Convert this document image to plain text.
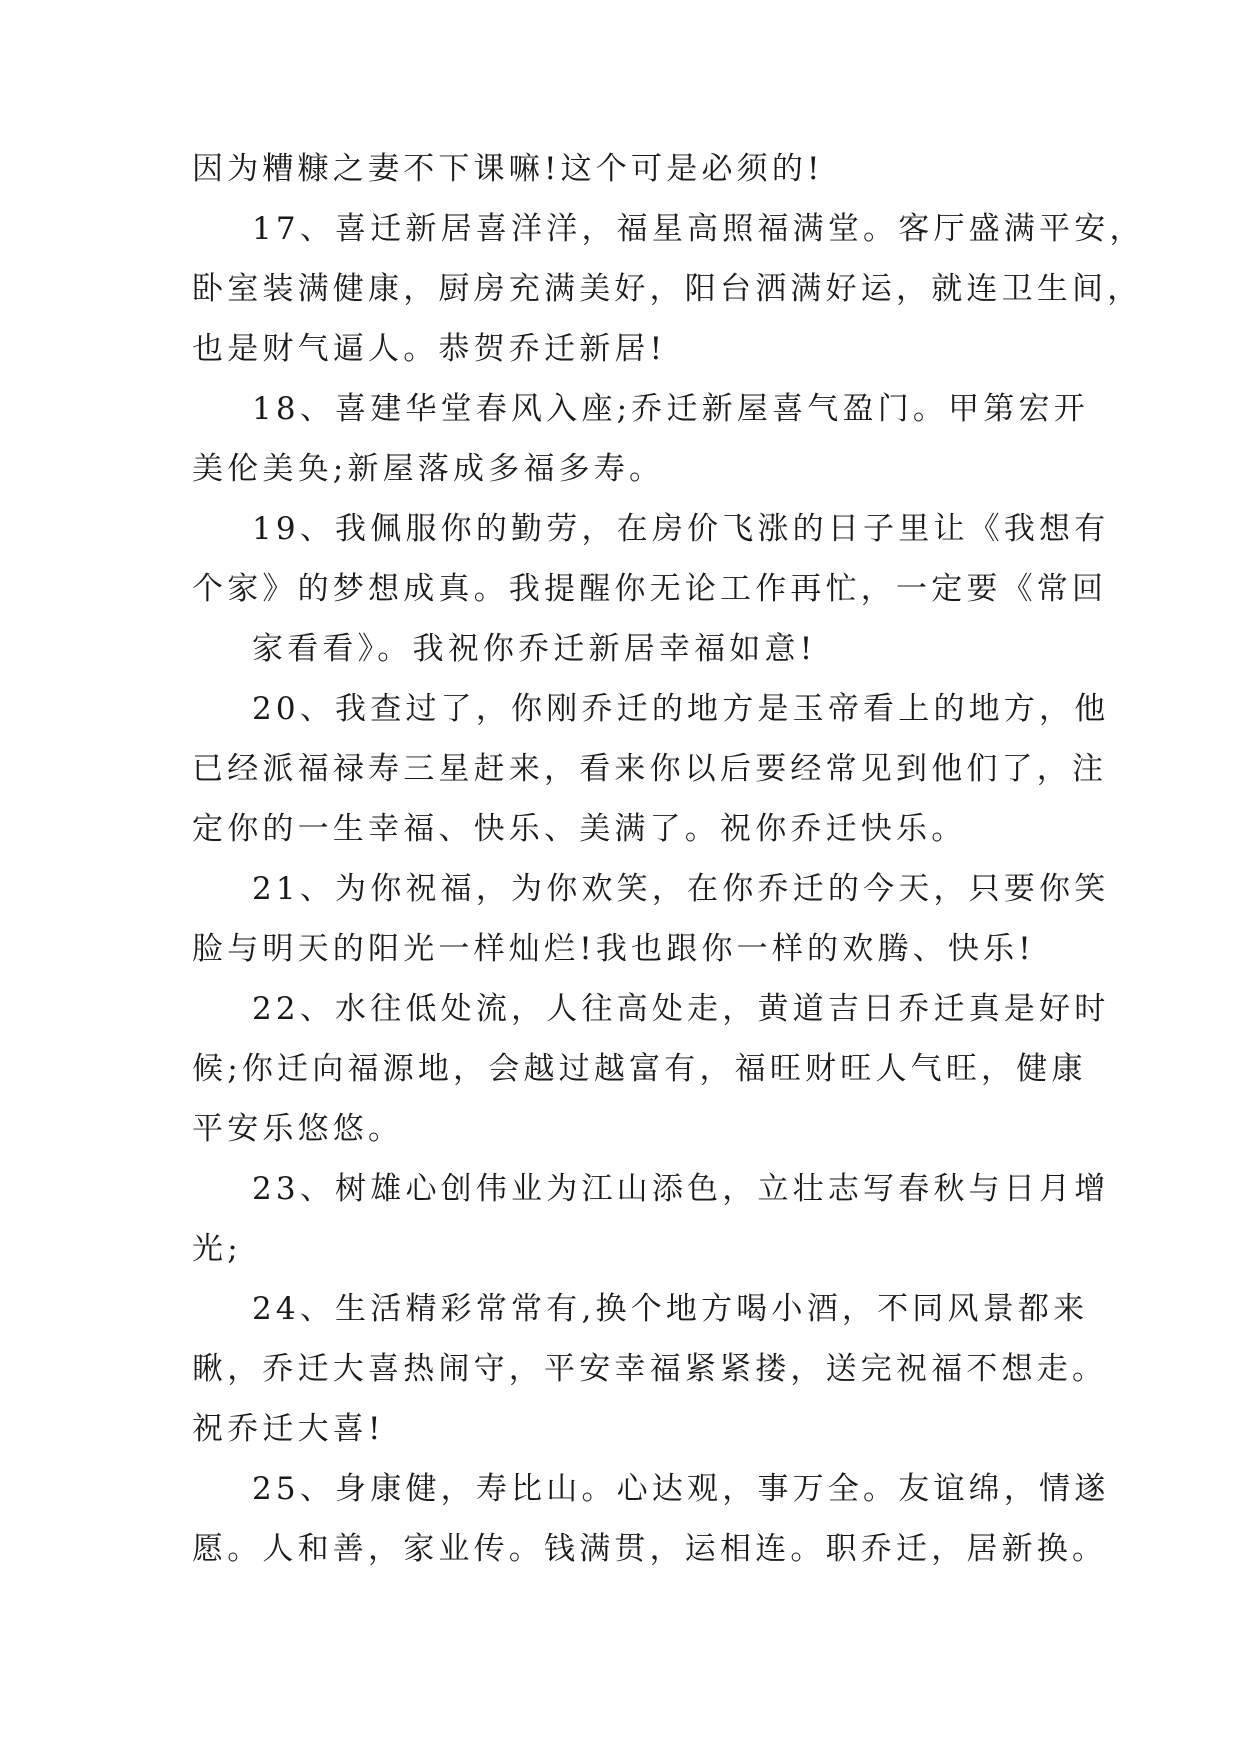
因为糟糠之妻不下课嘛!这个可是必须的!
17、喜迁新居喜洋洋，福星高照福满堂。客厅盛满平安，
卧室装满健康，厨房充满美好，阳台洒满好运，就连卫生间，
也是财气逼人。恭贺乔迁新居!
18、喜建华堂春风入座;乔迁新屋喜气盈门。甲第宏开
美伦美奂;新屋落成多福多寿。
19、我佩服你的勤劳，在房价飞涨的日子里让《我想有
个家》的梦想成真。我提醒你无论工作再忙，一定要《常回
家看看》。我祝你乔迁新居幸福如意!
20、我查过了，你刚乔迁的地方是玉帝看上的地方，他
已经派福禄寿三星赶来，看来你以后要经常见到他们了，注
定你的一生幸福、快乐、美满了。祝你乔迁快乐。
21、为你祝福，为你欢笑，在你乔迁的今天，只要你笑
脸与明天的阳光一样灿烂!我也跟你一样的欢腾、快乐!
22、水往低处流，人往高处走，黄道吉日乔迁真是好时
候;你迁向福源地，会越过越富有，福旺财旺人气旺，健康
平安乐悠悠。
23、树雄心创伟业为江山添色，立壮志写春秋与日月增
光;
24、生活精彩常常有,换个地方喝小酒，不同风景都来
瞅，乔迁大喜热闹守，平安幸福紧紧搂，送完祝福不想走。
祝乔迁大喜!
25、身康健，寿比山。心达观，事万全。友谊绵，情遂
愿。人和善，家业传。钱满贯，运相连。职乔迁，居新换。
